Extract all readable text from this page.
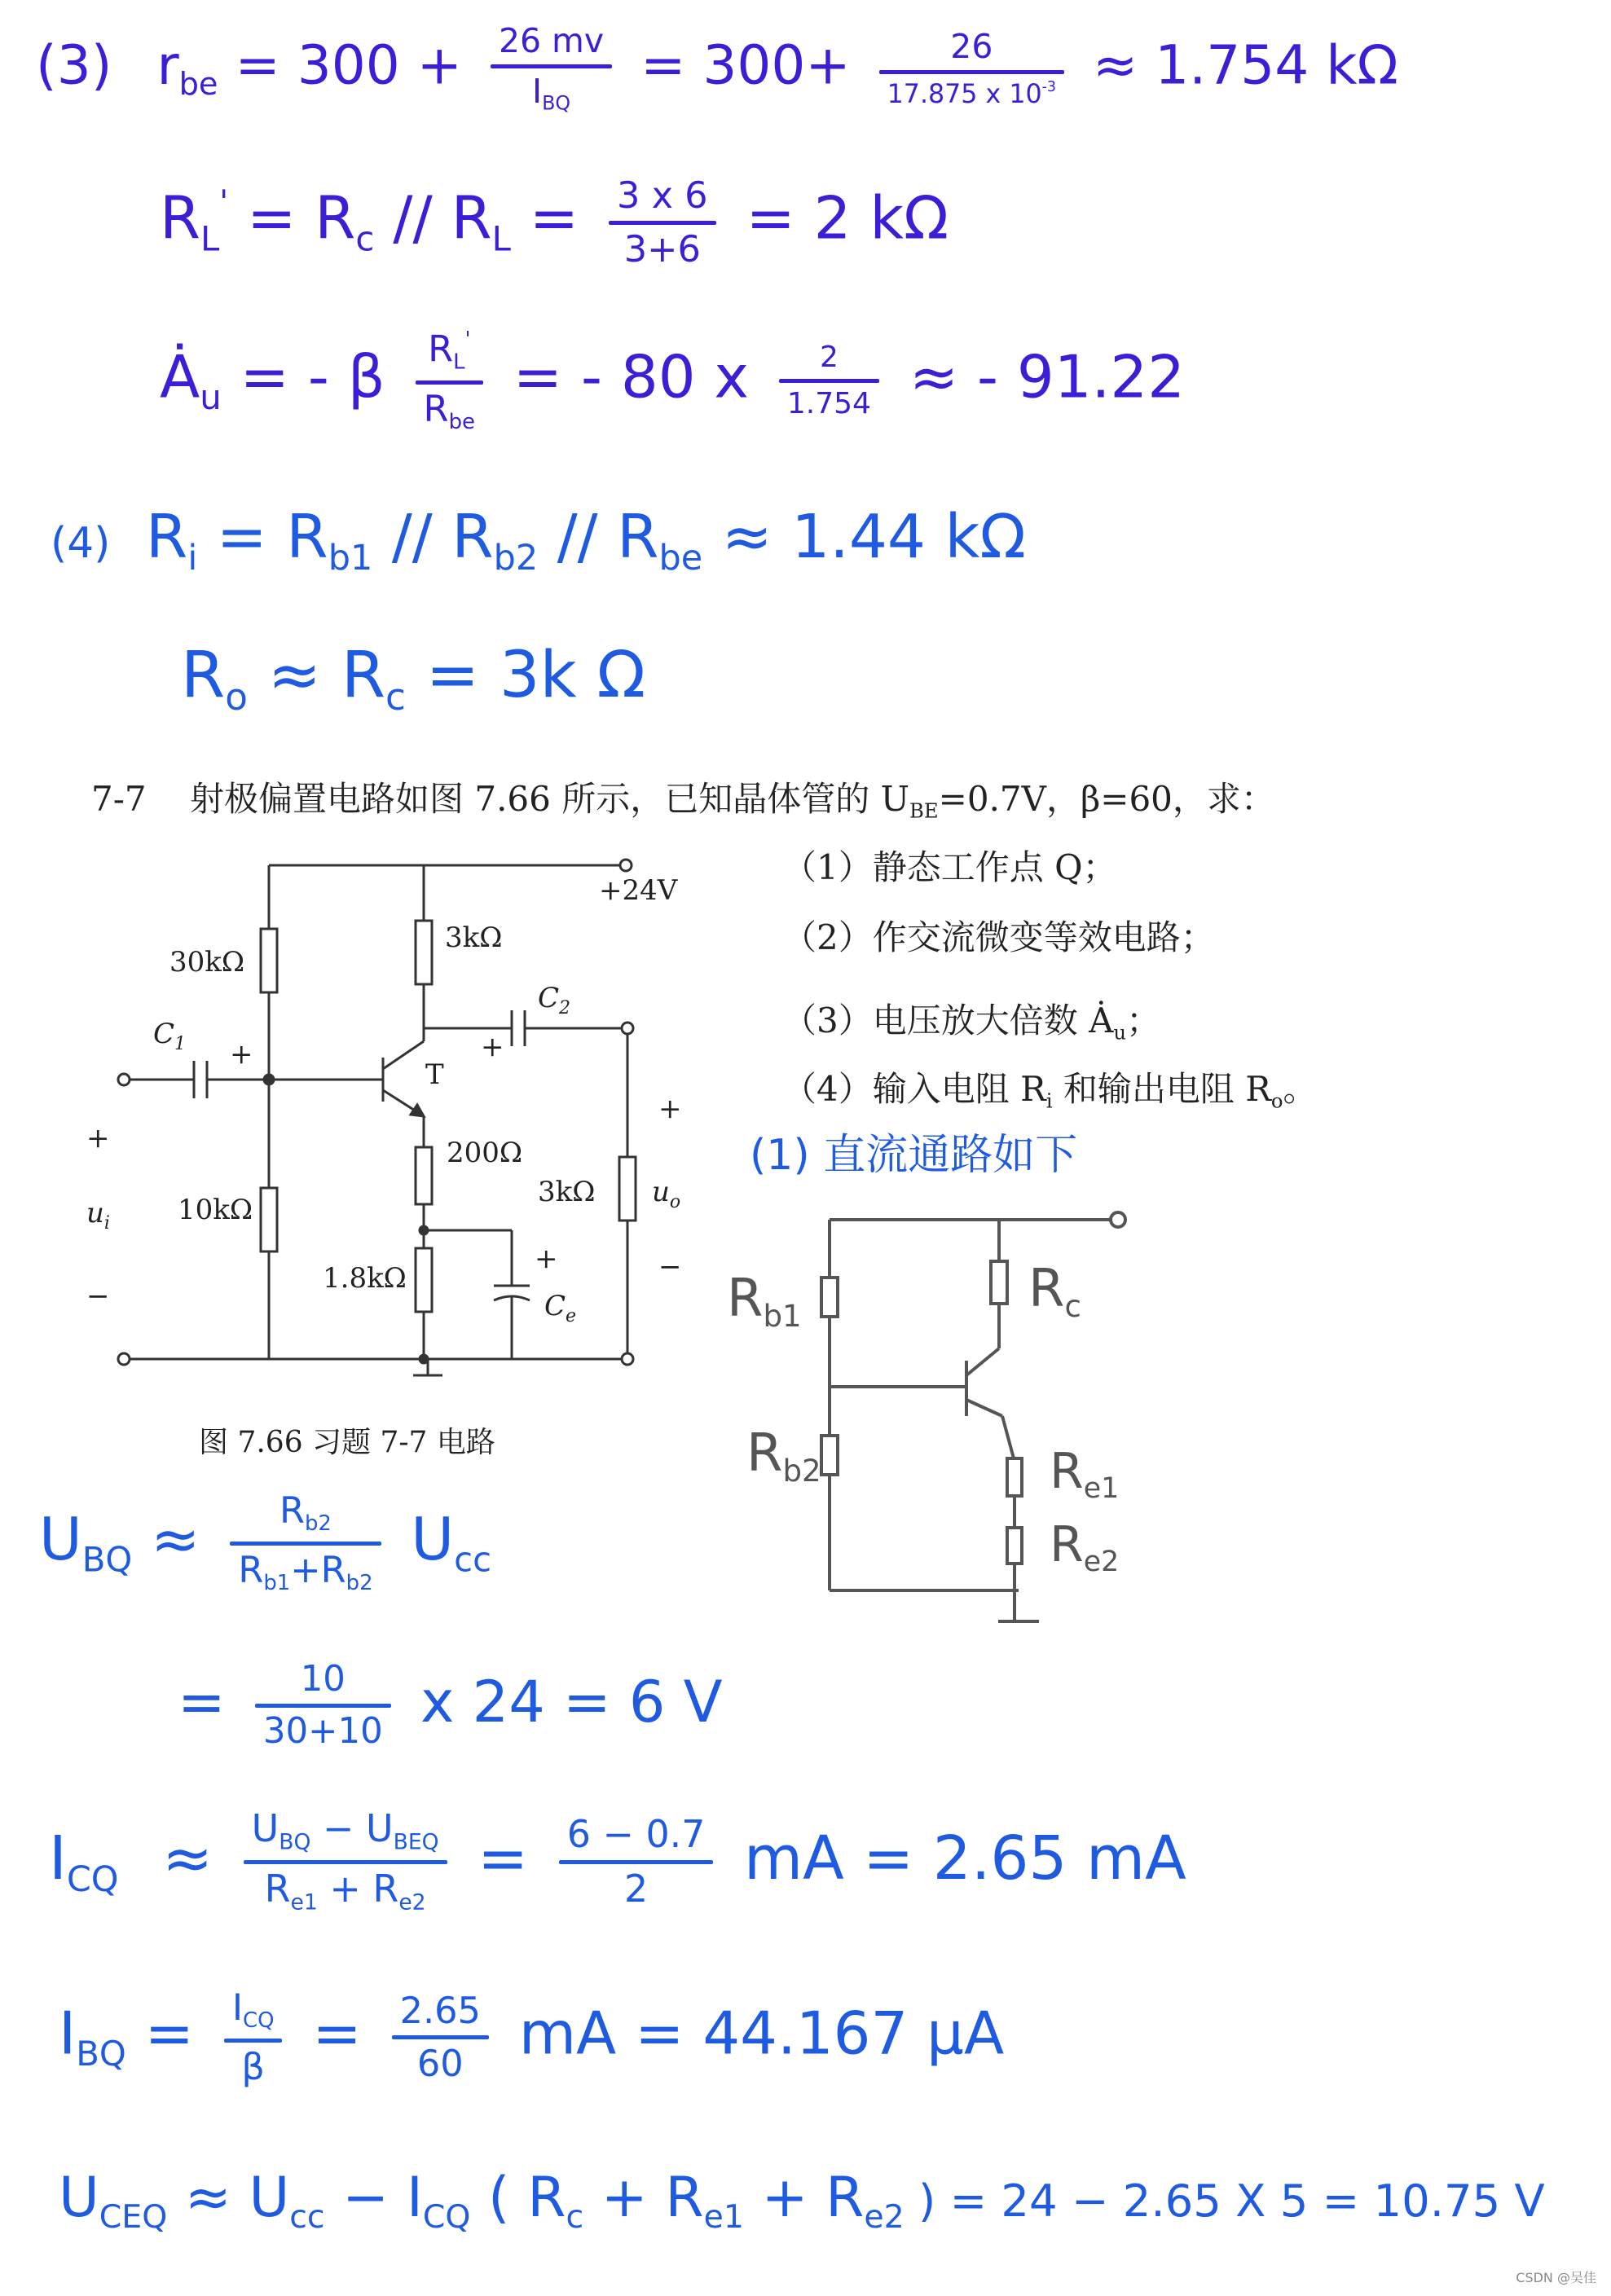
(3) $r_{be} = 300 + 26$ mv
$I_{BQ}$
= 300+	26
17.875 x $10^{-3} \approx 1.754$ kΩ
$R_L' = R_c // R_L = 3$ x 6
3+6 = 2 kΩ
$Ȧ_u$ = - β $R_L'$
$R_{be}$
= - 80 x 2
1.754 ≈ - 91.22
(4) $R_i = R_{b1} // R_{b2} // R_{be} \approx 1.44$ kΩ
$R_o \approx R_c = 3k$ Ω
7-7 射极偏置电路如图 7.66 所示，已知晶体管的 $U_{BE}=0.7V$，β=60，求：
（1）静态工作点 Q；
（2）作交流微变等效电路；
（3）电压放大倍数 $Ȧ_u$；
（4）输入电阻 $R_i$ 和输出电阻 $R_o$。
+24V
30kΩ
3kΩ
$C_1$ +
$C_2$
+
T
200Ω
3kΩ
10kΩ
1.8kΩ
+
$C_e$
+
$u_i$
−
+
$u_o$
−
图 7.66 习题 7-7 电路
(1) 直流通路如下
$R_{b1}$	$R_c$
$R_{b2}$	$R_{e1}$
$R_{e2}$
$U_{BQ} \approx R_{b2}$
$R_{b1}+R_{b2}$
$U_{cc}$
= 10
30+10 x 24 = 6 V
$I_{CQ} \approx U_{BQ} - U_{BEQ}$
$R_{e1} + R_{e2}$
= 6 − 0.7
2 mA = 2.65 mA
$I_{BQ} = I_{CQ}$
β = 2.65
60 mA = 44.167 μA
$U_{CEQ} \approx U_{cc} - I_{CQ}$ ( $R_c + R_{e1} + R_{e2}$ ) = 24 − 2.65 X 5 = 10.75 V
CSDN @吴佳
